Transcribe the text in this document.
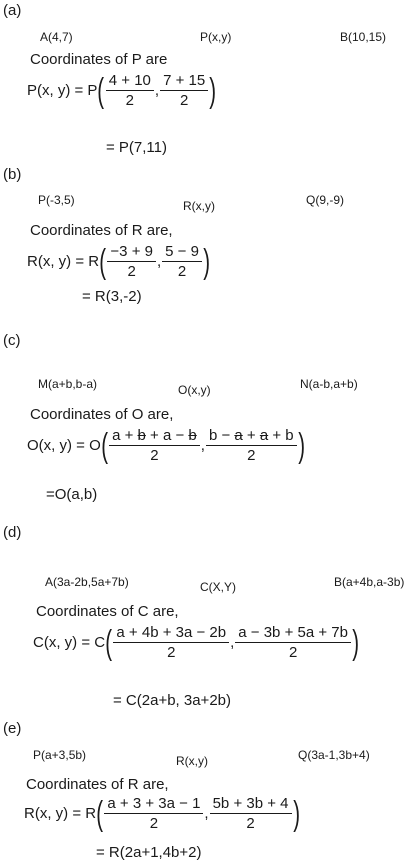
(a)
A(4,7)	P(x,y)	B(10,15)
Coordinates of P are
P(x, y) = P ( $\frac{4 + 10}{2}$ , $\frac{7 + 15}{2}$ )
= P(7,11)
(b)
P(-3,5)	R(x,y)	Q(9,-9)
Coordinates of R are,
R(x, y) = R ( $\frac{-3 + 9}{2}$ , $\frac{5 - 9}{2}$ )
= R(3,-2)
(c)
M(a+b,b-a)	O(x,y)	N(a-b,a+b)
Coordinates of O are,
O(x, y) = O ( $\frac{a + b + a - b}{2}$ , $\frac{b - a + a + b}{2}$ )
=O(a,b)
(d)
A(3a-2b,5a+7b)	C(X,Y)	B(a+4b,a-3b)
Coordinates of C are,
C(x, y) = C ( $\frac{a + 4b + 3a - 2b}{2}$ , $\frac{a - 3b + 5a + 7b}{2}$ )
= C(2a+b, 3a+2b)
(e)
P(a+3,5b)	R(x,y)	Q(3a-1,3b+4)
Coordinates of R are,
R(x, y) = R ( $\frac{a + 3 + 3a - 1}{2}$ , $\frac{5b + 3b + 4}{2}$ )
= R(2a+1,4b+2)
